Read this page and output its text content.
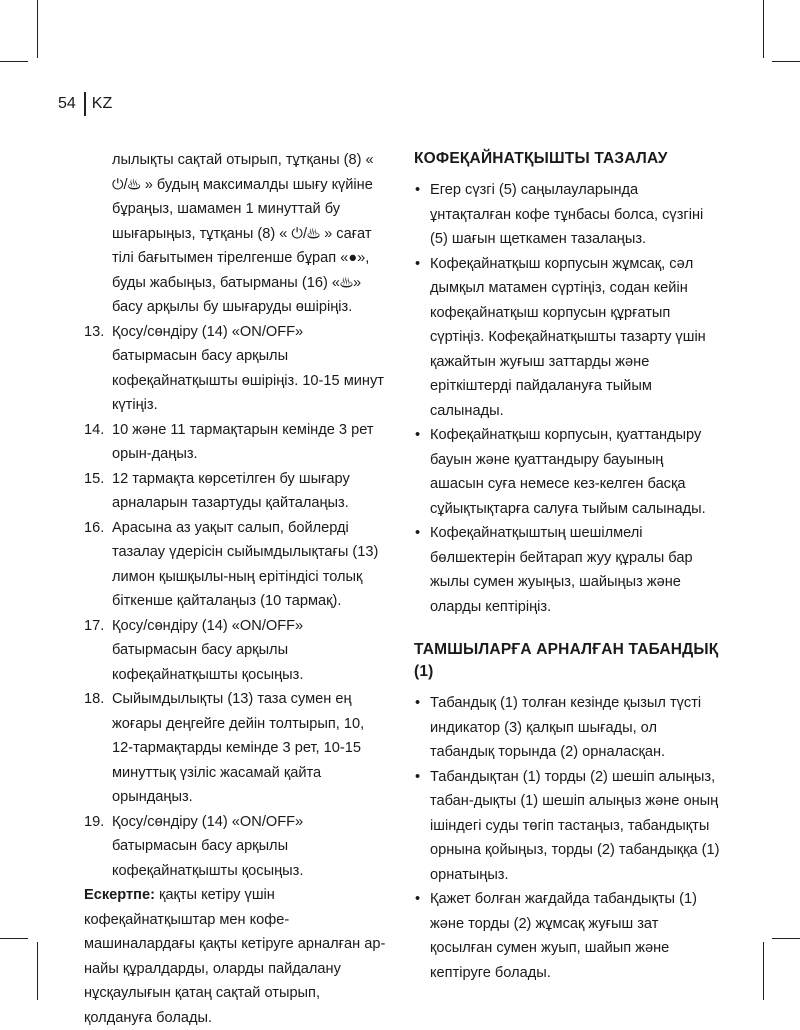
54	KZ

лылықты сақтай отырып, тұтқаны (8) « ⏻/♨ » будың максималды шығу күйіне бұраңыз, шамамен 1 минуттай бу шығарыңыз, тұтқаны (8) « ⏻/♨ » сағат тілі бағытымен тірелгенше бұрап «●», буды жабыңыз, батырманы (16) «♨» басу арқылы бу шығаруды өшіріңіз.

13. Қосу/сөндіру (14) «ON/OFF» батырмасын басу арқылы кофеқайнатқышты өшіріңіз. 10-15 минут күтіңіз.
14. 10 және 11 тармақтарын кемінде 3 рет орын-даңыз.
15. 12 тармақта көрсетілген бу шығару арналарын тазартуды қайталаңыз.
16. Арасына аз уақыт салып, бойлерді тазалау үдерісін сыйымдылықтағы (13) лимон қышқылы-ның ерітіндісі толық біткенше қайталаңыз (10 тармақ).
17. Қосу/сөндіру (14) «ON/OFF» батырмасын басу арқылы кофеқайнатқышты қосыңыз.
18. Сыйымдылықты (13) таза сумен ең жоғары деңгейге дейін толтырып, 10, 12-тармақтарды кемінде 3 рет, 10-15 минуттық үзіліс жасамай қайта орындаңыз.
19. Қосу/сөндіру (14) «ON/OFF» батырмасын басу арқылы кофеқайнатқышты қосыңыз.

Ескертпе: қақты кетіру үшін кофеқайнатқыштар мен кофе-машиналардағы қақты кетіруге арналған ар-найы құралдарды, оларды пайдалану нұсқаулығын қатаң сақтай отырып, қолдануға болады.

КОФЕҚАЙНАТҚЫШТЫ ТАЗАЛАУ
• Егер сүзгі (5) саңылауларында ұнтақталған кофе тұнбасы болса, сүзгіні (5) шағын щеткамен тазалаңыз.
• Кофеқайнатқыш корпусын жұмсақ, сәл дымқыл матамен сүртіңіз, содан кейін кофеқайнатқыш корпусын құрғатып сүртіңіз. Кофеқайнатқышты тазарту үшін қажайтын жуғыш заттарды және еріткіштерді пайдалануға тыйым салынады.
• Кофеқайнатқыш корпусын, қуаттандыру бауын және қуаттандыру бауының ашасын суға немесе кез-келген басқа сұйықтықтарға салуға тыйым салынады.
• Кофеқайнатқыштың шешілмелі бөлшектерін бейтарап жуу құралы бар жылы сумен жуыңыз, шайыңыз және оларды кептіріңіз.
ТАМШЫЛАРҒА АРНАЛҒАН ТАБАНДЫҚ (1)
• Табандық (1) толған кезінде қызыл түсті индикатор (3) қалқып шығады, ол табандық торында (2) орналасқан.
• Табандықтан (1) торды (2) шешіп алыңыз, табан-дықты (1) шешіп алыңыз және оның ішіндегі суды төгіп тастаңыз, табандықты орнына қойыңыз, торды (2) табандыққа (1) орнатыңыз.
• Қажет болған жағдайда табандықты (1) және торды (2) жұмсақ жуғыш зат қосылған сумен жуып, шайып және кептіруге болады.
